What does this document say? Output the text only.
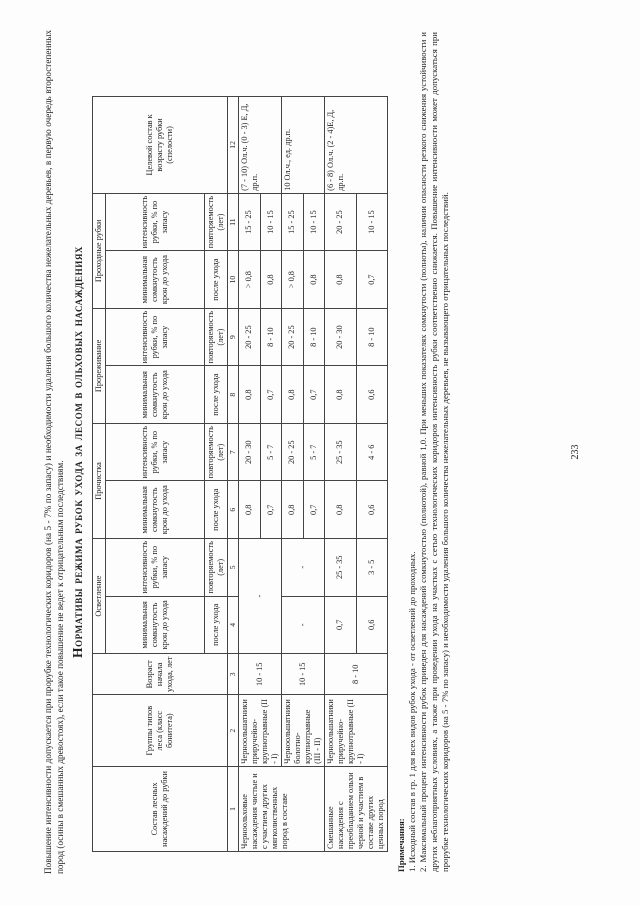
Повышение интенсивности допускается при прорубке технологических коридоров (на 5 - 7% по запасу) и необходимости удаления большого количества нежелательных деревьев, в первую очередь второстепенных пород (осины в смешанных древостоях), если такое повышение не ведет к отрицательным последствиям.
Нормативы режима рубок ухода за лесом в ольховых насаждениях
Состав лесных насаждений до рубки	Группы типов леса (класс бонитета)	Возраст начала ухода, лет	Осветление		Прочистка		Прореживание		Проходные рубки		Целевой состав к возрасту рубки (спелости)
			минимальная сомкнутость крон до ухода	интенсивность рубки, % по запасу	минимальная сомкнутость крон до ухода	интенсивность рубки, % по запасу	минимальная сомкнутость крон до ухода	интенсивность рубки, % по запасу	минимальная сомкнутость крон до ухода	интенсивность рубки, % по запасу	
			после ухода	повторяемость (лет)	после ухода	повторяемость (лет)	после ухода	повторяемость (лет)	после ухода	повторяемость (лет)	
1	2	3	4	5	6	7	8	9	10	11	12
Черноольховые насаждения чистые и с участием других мягколиственных пород в составе	Черноольшатники приручейно-крупнотравные (II - I)	10 - 15	-		0,8	20 - 30	0,8	20 - 25	> 0,8	15 - 25	(7 - 10) Ол.ч. (0 - 3) Е, Д, др.п.
					0,7	5 - 7	0,7	8 - 10	0,8	10 - 15	
	Черноольшатники болотно-крупнотравные (III - II)	10 - 15	-	-	0,8	20 - 25	0,8	20 - 25	> 0,8	15 - 25	10 Ол.ч., ед. др.п.
					0,7	5 - 7	0,7	8 - 10	0,8	10 - 15	
Смешанные насаждения с преобладанием ольхи черной и участием в составе других ценных пород	Черноольшатники приручейно-крупнотравные (II - I)	8 - 10	0,7	25 - 35	0,8	25 - 35	0,8	20 - 30	0,8	20 - 25	(6 - 8) Ол.ч. (2 - 4)Е, Д, др.п.
			0,6	3 - 5	0,6	4 - 6	0,6	8 - 10	0,7	10 - 15	
Примечания: 1. Исходный состав в гр. 1 для всех видов рубок ухода - от осветлений до проходных. 2. Максимальный процент интенсивности рубок приведен для насаждений сомкнутостью (полнотой), равной 1,0. При меньших показателях сомкнутости (полноты), наличии опасности резкого снижения устойчивости и других неблагоприятных условиях, а также при проведении ухода на участках с сетью технологических коридоров интенсивность рубки соответственно снижается. Повышение интенсивности может допускаться при прорубке технологических коридоров (на 5 - 7% по запасу) и необходимости удаления большого количества нежелательных деревьев, не вызывающего отрицательных последствий.	233
